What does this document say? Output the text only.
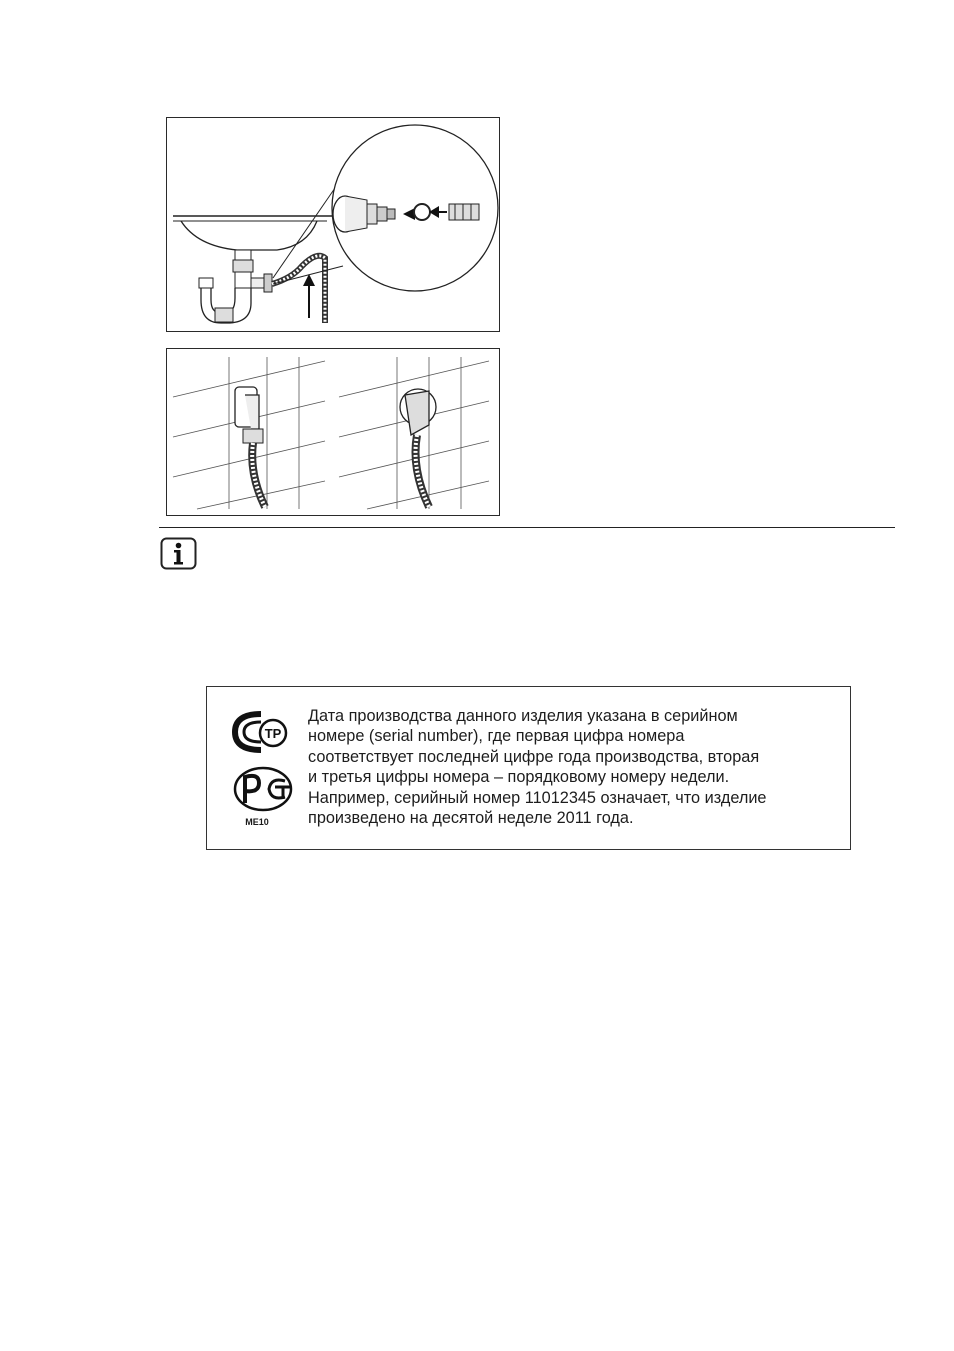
TP
ME10
Дата производства данного изделия указана в серийном
номере (serial number), где первая цифра номера
соответствует последней цифре года производства, вторая
и третья цифры номера – порядковому номеру недели.
Например, серийный номер 11012345 означает, что изделие
произведено на десятой неделе 2011 года.
